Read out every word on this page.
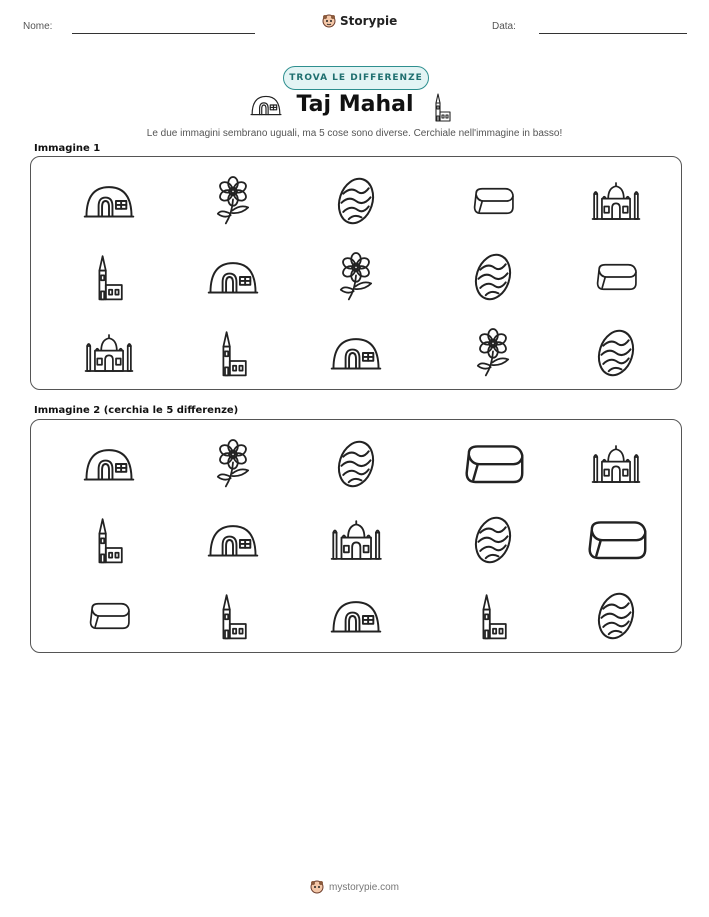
Nome:	Storypie	Data:
TROVA LE DIFFERENZE
Taj Mahal
Le due immagini sembrano uguali, ma 5 cose sono diverse. Cerchiale nell'immagine in basso!
Immagine 1
Immagine 2 (cerchia le 5 differenze)
mystorypie.com
